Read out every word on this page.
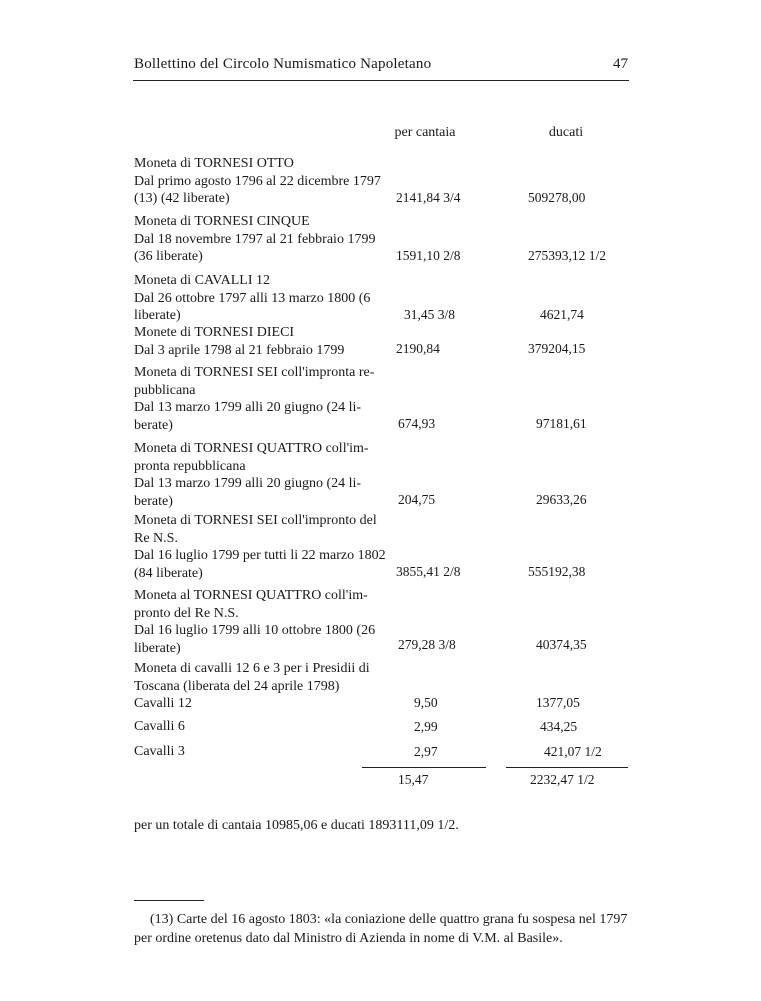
Bollettino del Circolo Numismatico Napoletano	47
per cantaia	ducati
Moneta di TORNESI OTTO
Dal primo agosto 1796 al 22 dicembre 1797
(13) (42 liberate)	2141,84 3/4	509278,00
Moneta di TORNESI CINQUE
Dal 18 novembre 1797 al 21 febbraio 1799
(36 liberate)	1591,10 2/8	275393,12 1/2
Moneta di CAVALLI 12
Dal 26 ottobre 1797 alli 13 marzo 1800 (6
liberate)	31,45 3/8	4621,74
Monete di TORNESI DIECI
Dal 3 aprile 1798 al 21 febbraio 1799	2190,84	379204,15
Moneta di TORNESI SEI coll'impronta re-
pubblicana
Dal 13 marzo 1799 alli 20 giugno (24 li-
berate)	674,93	97181,61
Moneta di TORNESI QUATTRO coll'im-
pronta repubblicana
Dal 13 marzo 1799 alli 20 giugno (24 li-
berate)	204,75	29633,26
Moneta di TORNESI SEI coll'impronto del
Re N.S.
Dal 16 luglio 1799 per tutti li 22 marzo 1802
(84 liberate)	3855,41 2/8	555192,38
Moneta al TORNESI QUATTRO coll'im-
pronto del Re N.S.
Dal 16 luglio 1799 alli 10 ottobre 1800 (26
liberate)	279,28 3/8	40374,35
Moneta di cavalli 12 6 e 3 per i Presidii di
Toscana (liberata del 24 aprile 1798)
Cavalli 12	9,50	1377,05
Cavalli 6	2,99	434,25
Cavalli 3	2,97	421,07 1/2
15,47	2232,47 1/2
per un totale di cantaia 10985,06 e ducati 1893111,09 1/2.
(13) Carte del 16 agosto 1803: «la coniazione delle quattro grana fu sospesa nel 1797
per ordine oretenus dato dal Ministro di Azienda in nome di V.M. al Basile».
